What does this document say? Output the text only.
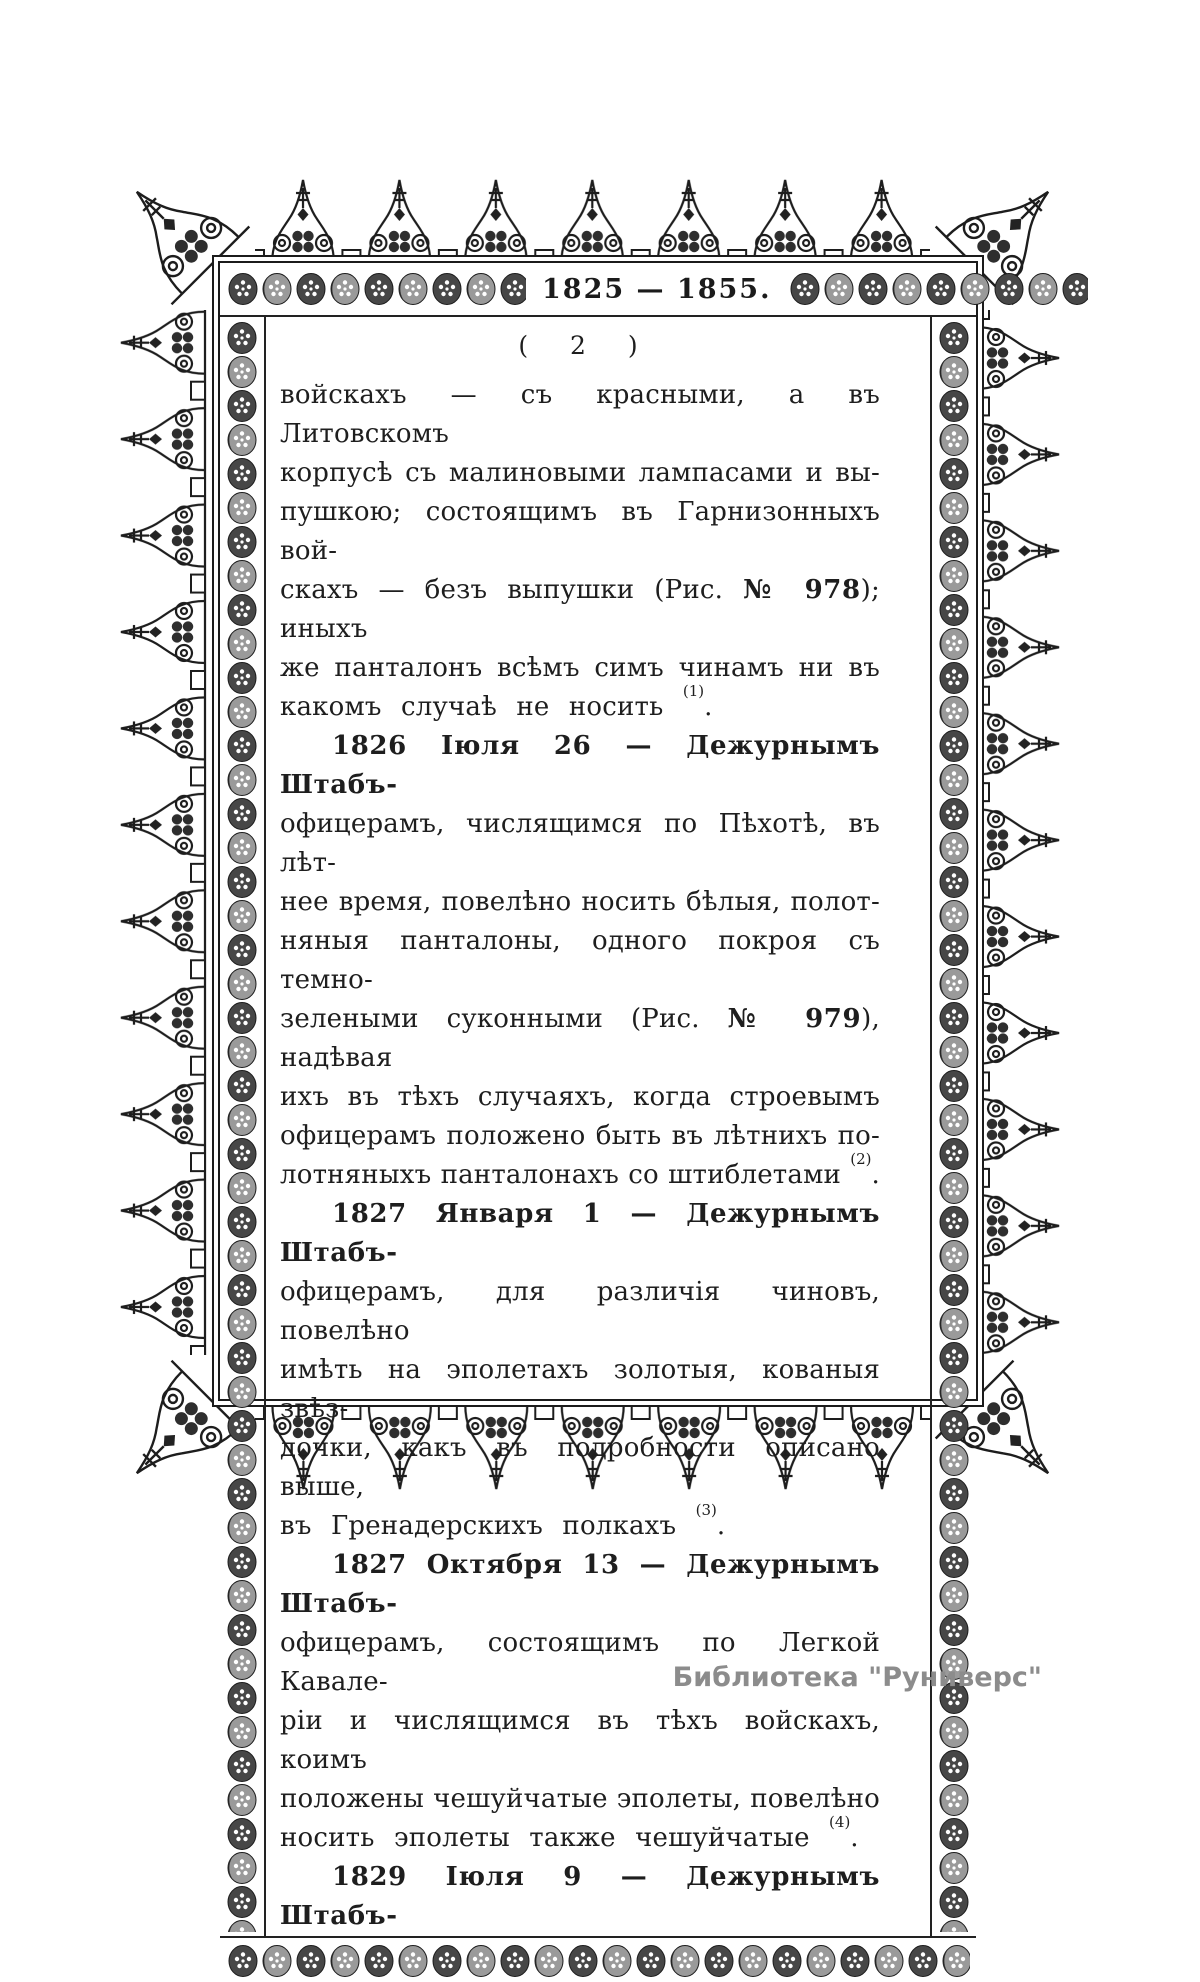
1825 — 1855.
( 2 )
войскахъ — съ красными, а въ Литовскомъ
корпусѣ съ малиновыми лампасами и вы-
пушкою; состоящимъ въ Гарнизонныхъ вой-
скахъ — безъ выпушки (Рис. № 978); иныхъ
же панталонъ всѣмъ симъ чинамъ ни въ
какомъ случаѣ не носить $^{(1)}$.
1826 Іюля 26 — Дежурнымъ Штабъ-
офицерамъ, числящимся по Пѣхотѣ, въ лѣт-
нее время, повелѣно носить бѣлыя, полот-
няныя панталоны, одного покроя съ темно-
зелеными суконными (Рис. № 979), надѣвая
ихъ въ тѣхъ случаяхъ, когда строевымъ
офицерамъ положено быть въ лѣтнихъ по-
лотняныхъ панталонахъ со штиблетами $^{(2)}$.
1827 Января 1 — Дежурнымъ Штабъ-
офицерамъ, для различія чиновъ, повелѣно
имѣть на эполетахъ золотыя, кованыя звѣз-
дочки, какъ въ подробности описано выше,
въ Гренадерскихъ полкахъ $^{(3)}$.
1827 Октября 13 — Дежурнымъ Штабъ-
офицерамъ, состоящимъ по Легкой Кавале-
ріи и числящимся въ тѣхъ войскахъ, коимъ
положены чешуйчатые эполеты, повелѣно
носить эполеты также чешуйчатые $^{(4)}$.
1829 Іюля 9 — Дежурнымъ Штабъ-
Библиотека "Руниверс"
